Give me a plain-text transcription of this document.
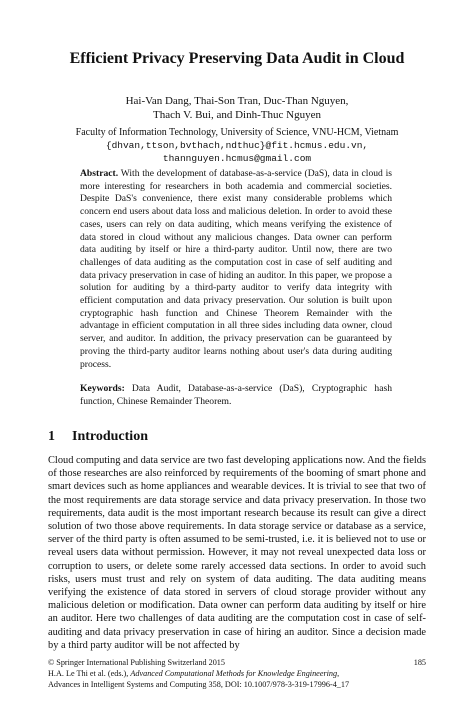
Efficient Privacy Preserving Data Audit in Cloud
Hai-Van Dang, Thai-Son Tran, Duc-Than Nguyen,
Thach V. Bui, and Dinh-Thuc Nguyen
Faculty of Information Technology, University of Science, VNU-HCM, Vietnam
{dhvan,ttson,bvthach,ndthuc}@fit.hcmus.edu.vn,
thannguyen.hcmus@gmail.com
Abstract. With the development of database-as-a-service (DaS), data in cloud is more interesting for researchers in both academia and commercial societies. Despite DaS's convenience, there exist many considerable problems which concern end users about data loss and malicious deletion. In order to avoid these cases, users can rely on data auditing, which means verifying the existence of data stored in cloud without any malicious changes. Data owner can perform data auditing by itself or hire a third-party auditor. Until now, there are two challenges of data auditing as the computation cost in case of self auditing and data privacy preservation in case of hiding an auditor. In this paper, we propose a solution for auditing by a third-party auditor to verify data integrity with efficient computation and data privacy preservation. Our solution is built upon cryptographic hash function and Chinese Theorem Remainder with the advantage in efficient computation in all three sides including data owner, cloud server, and auditor. In addition, the privacy preservation can be guaranteed by proving the third-party auditor learns nothing about user's data during auditing process.
Keywords: Data Audit, Database-as-a-service (DaS), Cryptographic hash function, Chinese Remainder Theorem.
1 Introduction

Cloud computing and data service are two fast developing applications now. And the fields of those researches are also reinforced by requirements of the booming of smart phone and smart devices such as home appliances and wearable devices. It is trivial to see that two of the most requirements are data storage service and data privacy preservation. In those two requirements, data audit is the most important research because its result can give a direct solution of two those above requirements. In data storage service or database as a service, server of the third party is often assumed to be semi-trusted, i.e. it is believed not to use or reveal users data without permission. However, it may not reveal unexpected data loss or corruption to users, or delete some rarely accessed data sections. In order to avoid such risks, users must trust and rely on system of data auditing. The data auditing means verifying the existence of data stored in servers of cloud storage provider without any malicious deletion or modification. Data owner can perform data auditing by itself or hire an auditor. Here two challenges of data auditing are the computation cost in case of self-auditing and data privacy preservation in case of hiring an auditor. Since a decision made by a third party auditor will be not affected by

© Springer International Publishing Switzerland 2015
H.A. Le Thi et al. (eds.), Advanced Computational Methods for Knowledge Engineering,
Advances in Intelligent Systems and Computing 358, DOI: 10.1007/978-3-319-17996-4_17
185
